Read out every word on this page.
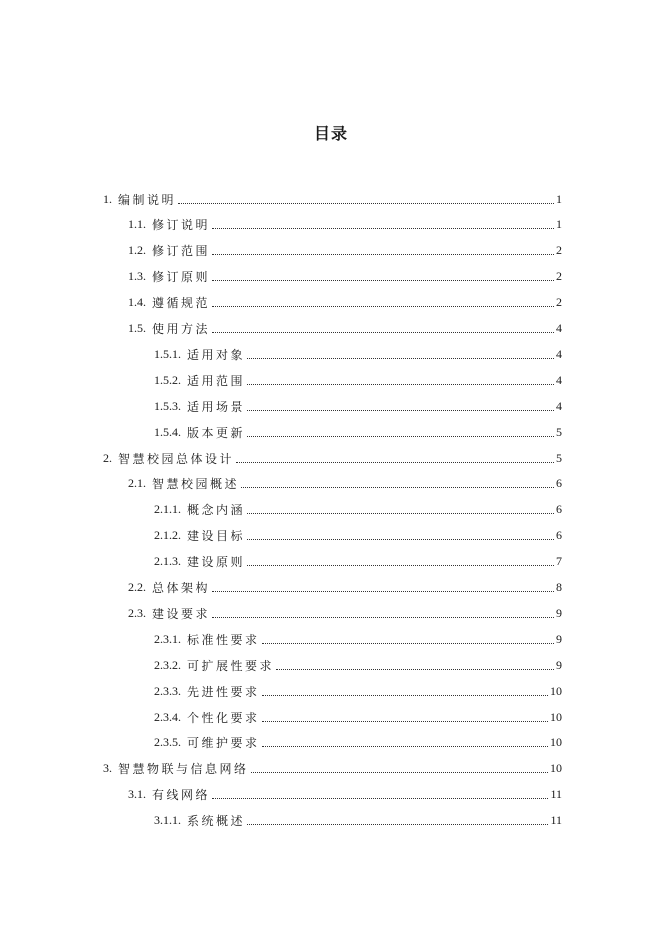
目录
1. 编制说明	1
1.1. 修订说明	1
1.2. 修订范围	2
1.3. 修订原则	2
1.4. 遵循规范	2
1.5. 使用方法	4
1.5.1. 适用对象	4
1.5.2. 适用范围	4
1.5.3. 适用场景	4
1.5.4. 版本更新	5
2. 智慧校园总体设计	5
2.1. 智慧校园概述	6
2.1.1. 概念内涵	6
2.1.2. 建设目标	6
2.1.3. 建设原则	7
2.2. 总体架构	8
2.3. 建设要求	9
2.3.1. 标准性要求	9
2.3.2. 可扩展性要求	9
2.3.3. 先进性要求	10
2.3.4. 个性化要求	10
2.3.5. 可维护要求	10
3. 智慧物联与信息网络	10
3.1. 有线网络	11
3.1.1. 系统概述	11
